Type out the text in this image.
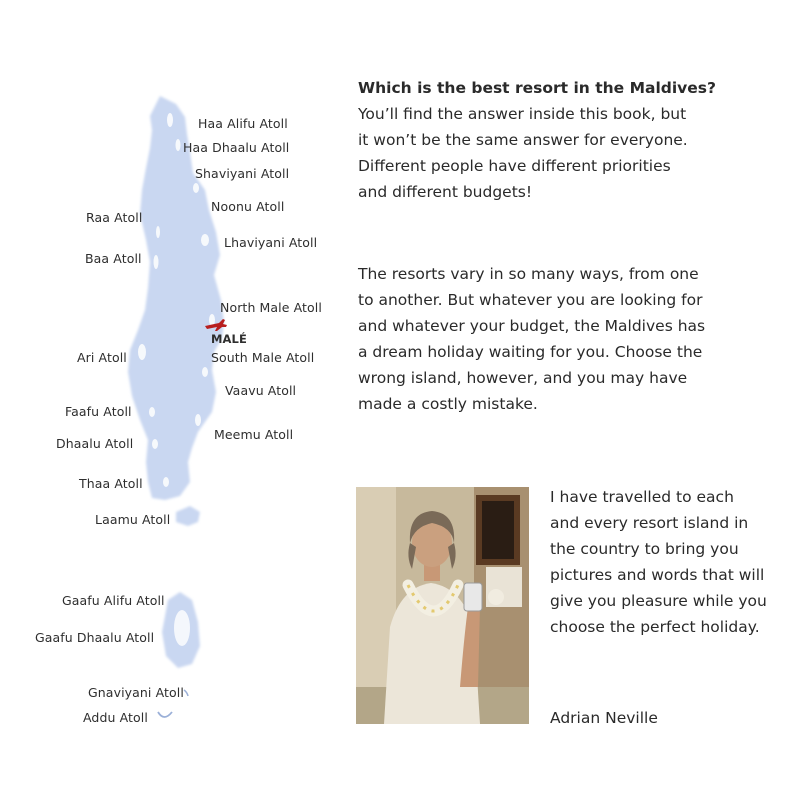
Haa Alifu Atoll
Haa Dhaalu Atoll
Shaviyani Atoll
Noonu Atoll
Raa Atoll
Lhaviyani Atoll
Baa Atoll
North Male Atoll
MALÉ
Ari Atoll	South Male Atoll
Vaavu Atoll
Faafu Atoll
Meemu Atoll
Dhaalu Atoll
Thaa Atoll
Laamu Atoll
Gaafu Alifu Atoll
Gaafu Dhaalu Atoll
Gnaviyani Atoll
Addu Atoll

Which is the best resort in the Maldives?

You’ll find the answer inside this book, but
it won’t be the same answer for everyone.
Different people have different priorities
and different budgets!

The resorts vary in so many ways, from one
to another. But whatever you are looking for
and whatever your budget, the Maldives has
a dream holiday waiting for you. Choose the
wrong island, however, and you may have
made a costly mistake.

I have travelled to each
and every resort island in
the country to bring you
pictures and words that will
give you pleasure while you
choose the perfect holiday.

Adrian Neville
